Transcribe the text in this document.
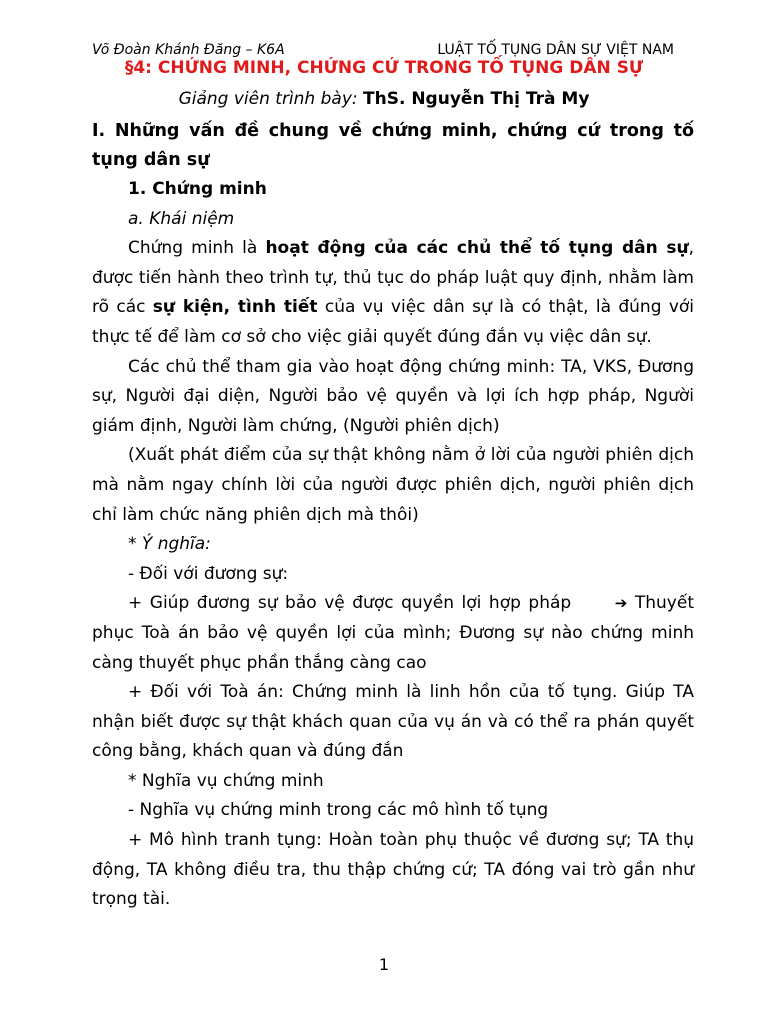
Võ Đoàn Khánh Đăng – K6A	LUẬT TỐ TỤNG DÂN SỰ VIỆT NAM
§4: CHỨNG MINH, CHỨNG CỨ TRONG TỐ TỤNG DÂN SỰ
Giảng viên trình bày: ThS. Nguyễn Thị Trà My

I. Những vấn đề chung về chứng minh, chứng cứ trong tố tụng dân sự

1. Chứng minh

a. Khái niệm

Chứng minh là hoạt động của các chủ thể tố tụng dân sự, được tiến hành theo trình tự, thủ tục do pháp luật quy định, nhằm làm rõ các sự kiện, tình tiết của vụ việc dân sự là có thật, là đúng với thực tế để làm cơ sở cho việc giải quyết đúng đắn vụ việc dân sự.

Các chủ thể tham gia vào hoạt động chứng minh: TA, VKS, Đương sự, Người đại diện, Người bảo vệ quyền và lợi ích hợp pháp, Người giám định, Người làm chứng, (Người phiên dịch)

(Xuất phát điểm của sự thật không nằm ở lời của người phiên dịch mà nằm ngay chính lời của người được phiên dịch, người phiên dịch chỉ làm chức năng phiên dịch mà thôi)

* Ý nghĩa:

- Đối với đương sự:

+ Giúp đương sự bảo vệ được quyền lợi hợp pháp ➔ Thuyết phục Toà án bảo vệ quyền lợi của mình; Đương sự nào chứng minh càng thuyết phục phần thắng càng cao

+ Đối với Toà án: Chứng minh là linh hồn của tố tụng. Giúp TA nhận biết được sự thật khách quan của vụ án và có thể ra phán quyết công bằng, khách quan và đúng đắn

* Nghĩa vụ chứng minh

- Nghĩa vụ chứng minh trong các mô hình tố tụng

+ Mô hình tranh tụng: Hoàn toàn phụ thuộc về đương sự; TA thụ động, TA không điều tra, thu thập chứng cứ; TA đóng vai trò gần như trọng tài.

1
